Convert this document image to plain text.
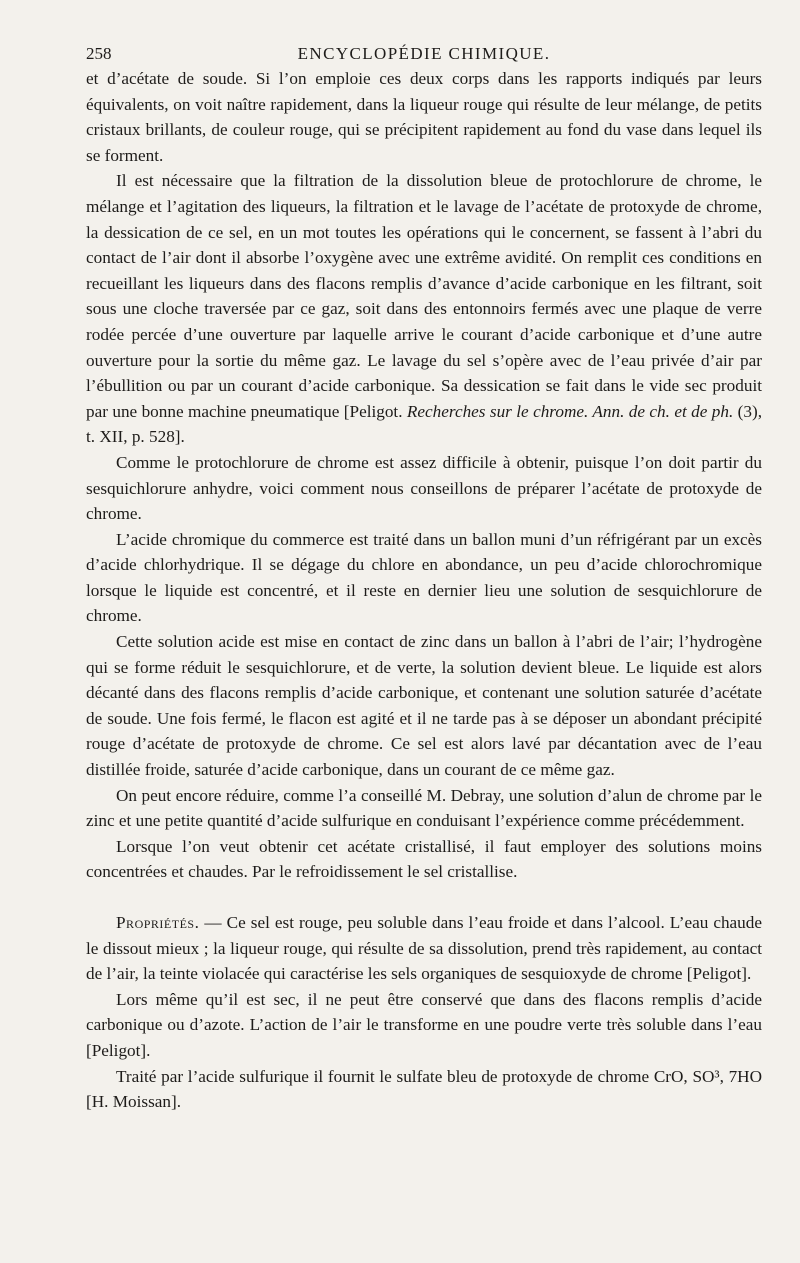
258	ENCYCLOPÉDIE CHIMIQUE.

et d’acétate de soude. Si l’on emploie ces deux corps dans les rapports indiqués par leurs équivalents, on voit naître rapidement, dans la liqueur rouge qui résulte de leur mélange, de petits cristaux brillants, de couleur rouge, qui se précipitent rapidement au fond du vase dans lequel ils se forment.

Il est nécessaire que la filtration de la dissolution bleue de protochlorure de chrome, le mélange et l’agitation des liqueurs, la filtration et le lavage de l’acétate de protoxyde de chrome, la dessication de ce sel, en un mot toutes les opérations qui le concernent, se fassent à l’abri du contact de l’air dont il absorbe l’oxygène avec une extrême avidité. On remplit ces conditions en recueillant les liqueurs dans des flacons remplis d’avance d’acide carbonique en les filtrant, soit sous une cloche traversée par ce gaz, soit dans des entonnoirs fermés avec une plaque de verre rodée percée d’une ouverture par laquelle arrive le courant d’acide carbonique et d’une autre ouverture pour la sortie du même gaz. Le lavage du sel s’opère avec de l’eau privée d’air par l’ébullition ou par un courant d’acide carbonique. Sa dessication se fait dans le vide sec produit par une bonne machine pneumatique [Peligot. Recherches sur le chrome. Ann. de ch. et de ph. (3), t. XII, p. 528].

Comme le protochlorure de chrome est assez difficile à obtenir, puisque l’on doit partir du sesquichlorure anhydre, voici comment nous conseillons de préparer l’acétate de protoxyde de chrome.

L’acide chromique du commerce est traité dans un ballon muni d’un réfrigérant par un excès d’acide chlorhydrique. Il se dégage du chlore en abondance, un peu d’acide chlorochromique lorsque le liquide est concentré, et il reste en dernier lieu une solution de sesquichlorure de chrome.

Cette solution acide est mise en contact de zinc dans un ballon à l’abri de l’air; l’hydrogène qui se forme réduit le sesquichlorure, et de verte, la solution devient bleue. Le liquide est alors décanté dans des flacons remplis d’acide carbonique, et contenant une solution saturée d’acétate de soude. Une fois fermé, le flacon est agité et il ne tarde pas à se déposer un abondant précipité rouge d’acétate de protoxyde de chrome. Ce sel est alors lavé par décantation avec de l’eau distillée froide, saturée d’acide carbonique, dans un courant de ce même gaz.

On peut encore réduire, comme l’a conseillé M. Debray, une solution d’alun de chrome par le zinc et une petite quantité d’acide sulfurique en conduisant l’expérience comme précédemment.

Lorsque l’on veut obtenir cet acétate cristallisé, il faut employer des solutions moins concentrées et chaudes. Par le refroidissement le sel cristallise.

Propriétés. — Ce sel est rouge, peu soluble dans l’eau froide et dans l’alcool. L’eau chaude le dissout mieux ; la liqueur rouge, qui résulte de sa dissolution, prend très rapidement, au contact de l’air, la teinte violacée qui caractérise les sels organiques de sesquioxyde de chrome [Peligot].

Lors même qu’il est sec, il ne peut être conservé que dans des flacons remplis d’acide carbonique ou d’azote. L’action de l’air le transforme en une poudre verte très soluble dans l’eau [Peligot].

Traité par l’acide sulfurique il fournit le sulfate bleu de protoxyde de chrome CrO, SO³, 7HO [H. Moissan].
